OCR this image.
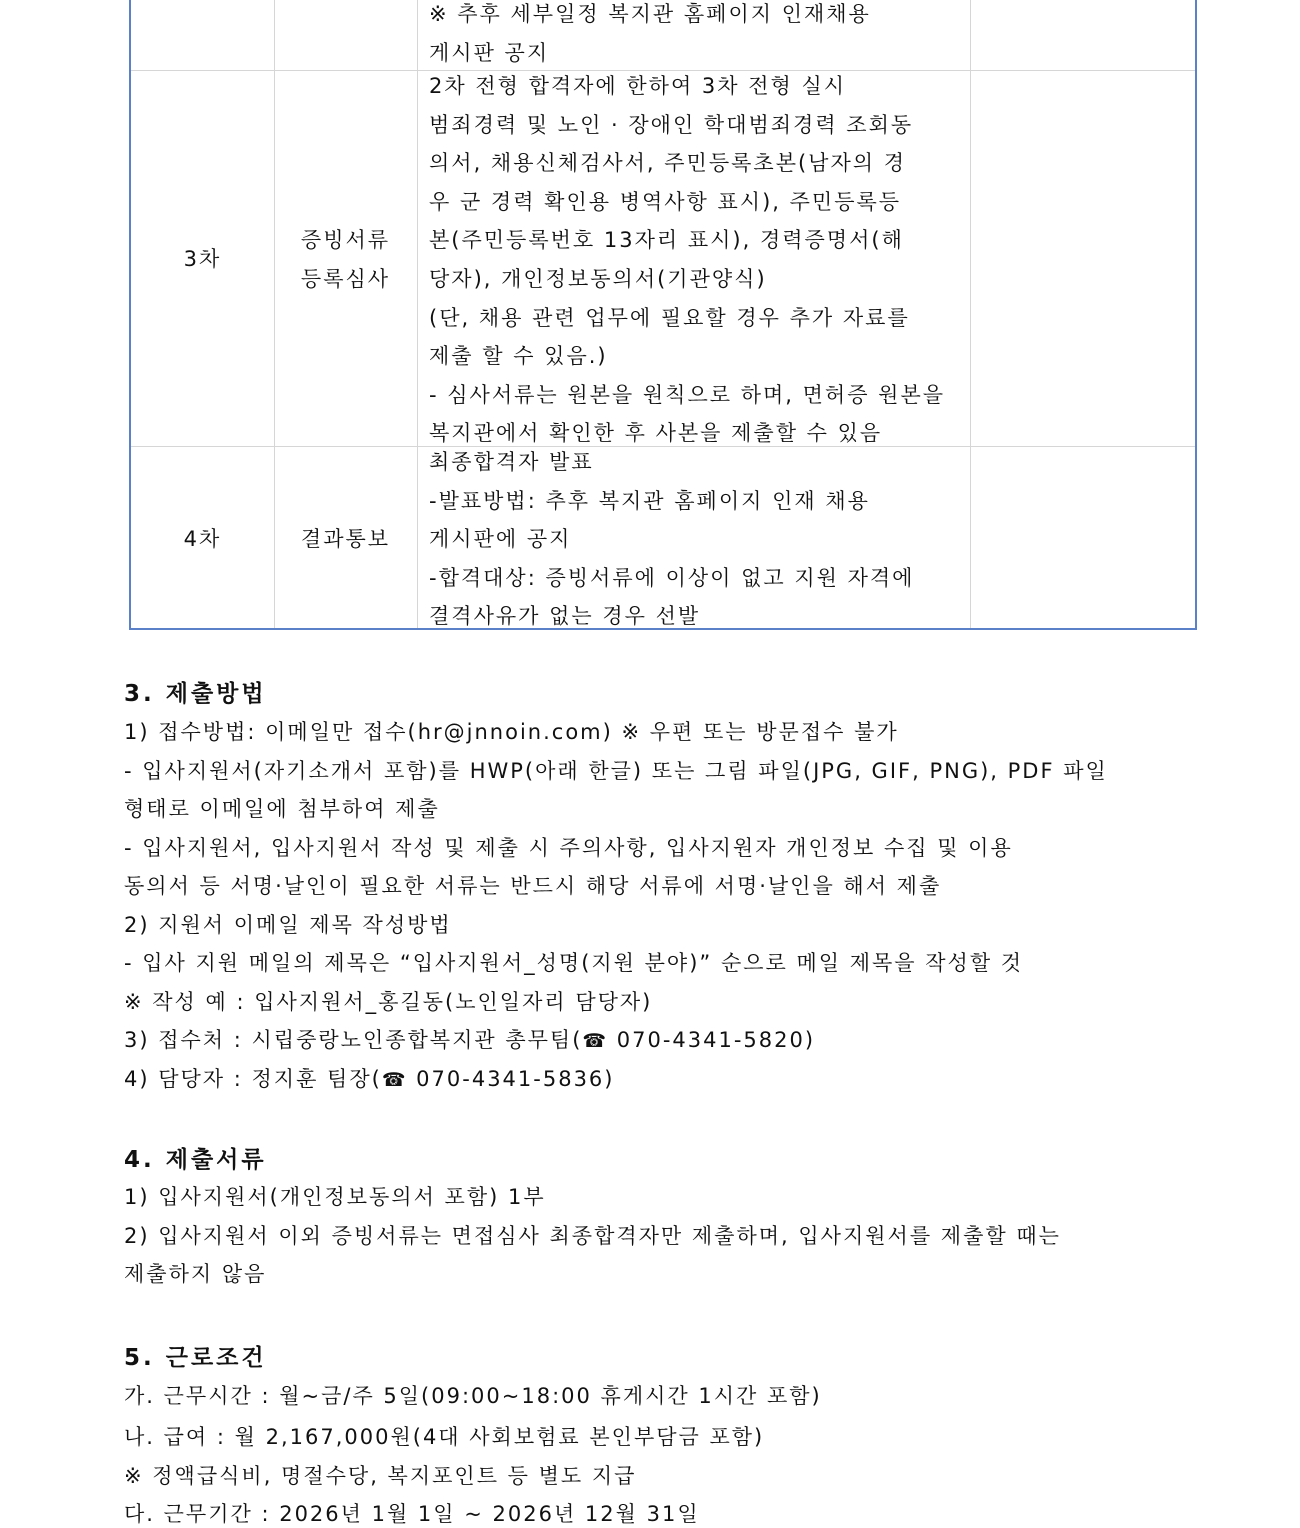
※ 추후 세부일정 복지관 홈페이지 인재채용
게시판 공지
3차
증빙서류
등록심사
2차 전형 합격자에 한하여 3차 전형 실시
범죄경력 및 노인 · 장애인 학대범죄경력 조회동
의서, 채용신체검사서, 주민등록초본(남자의 경
우 군 경력 확인용 병역사항 표시), 주민등록등
본(주민등록번호 13자리 표시), 경력증명서(해
당자), 개인정보동의서(기관양식)
(단, 채용 관련 업무에 필요할 경우 추가 자료를
제출 할 수 있음.)
- 심사서류는 원본을 원칙으로 하며, 면허증 원본을
복지관에서 확인한 후 사본을 제출할 수 있음
4차	결과통보
최종합격자 발표
-발표방법: 추후 복지관 홈페이지 인재 채용
게시판에 공지
-합격대상: 증빙서류에 이상이 없고 지원 자격에
결격사유가 없는 경우 선발
3. 제출방법
1) 접수방법: 이메일만 접수(hr@jnnoin.com) ※ 우편 또는 방문접수 불가
- 입사지원서(자기소개서 포함)를 HWP(아래 한글) 또는 그림 파일(JPG, GIF, PNG), PDF 파일
형태로 이메일에 첨부하여 제출
- 입사지원서, 입사지원서 작성 및 제출 시 주의사항, 입사지원자 개인정보 수집 및 이용
동의서 등 서명·날인이 필요한 서류는 반드시 해당 서류에 서명·날인을 해서 제출
2) 지원서 이메일 제목 작성방법
- 입사 지원 메일의 제목은 “입사지원서_성명(지원 분야)” 순으로 메일 제목을 작성할 것
※ 작성 예 : 입사지원서_홍길동(노인일자리 담당자)
3) 접수처 : 시립중랑노인종합복지관 총무팀(☎ 070-4341-5820)
4) 담당자 : 정지훈 팀장(☎ 070-4341-5836)
4. 제출서류
1) 입사지원서(개인정보동의서 포함) 1부
2) 입사지원서 이외 증빙서류는 면접심사 최종합격자만 제출하며, 입사지원서를 제출할 때는
제출하지 않음
5. 근로조건
가. 근무시간 : 월~금/주 5일(09:00~18:00 휴게시간 1시간 포함)
나. 급여 : 월 2,167,000원(4대 사회보험료 본인부담금 포함)
※ 정액급식비, 명절수당, 복지포인트 등 별도 지급
다. 근무기간 : 2026년 1월 1일 ~ 2026년 12월 31일
